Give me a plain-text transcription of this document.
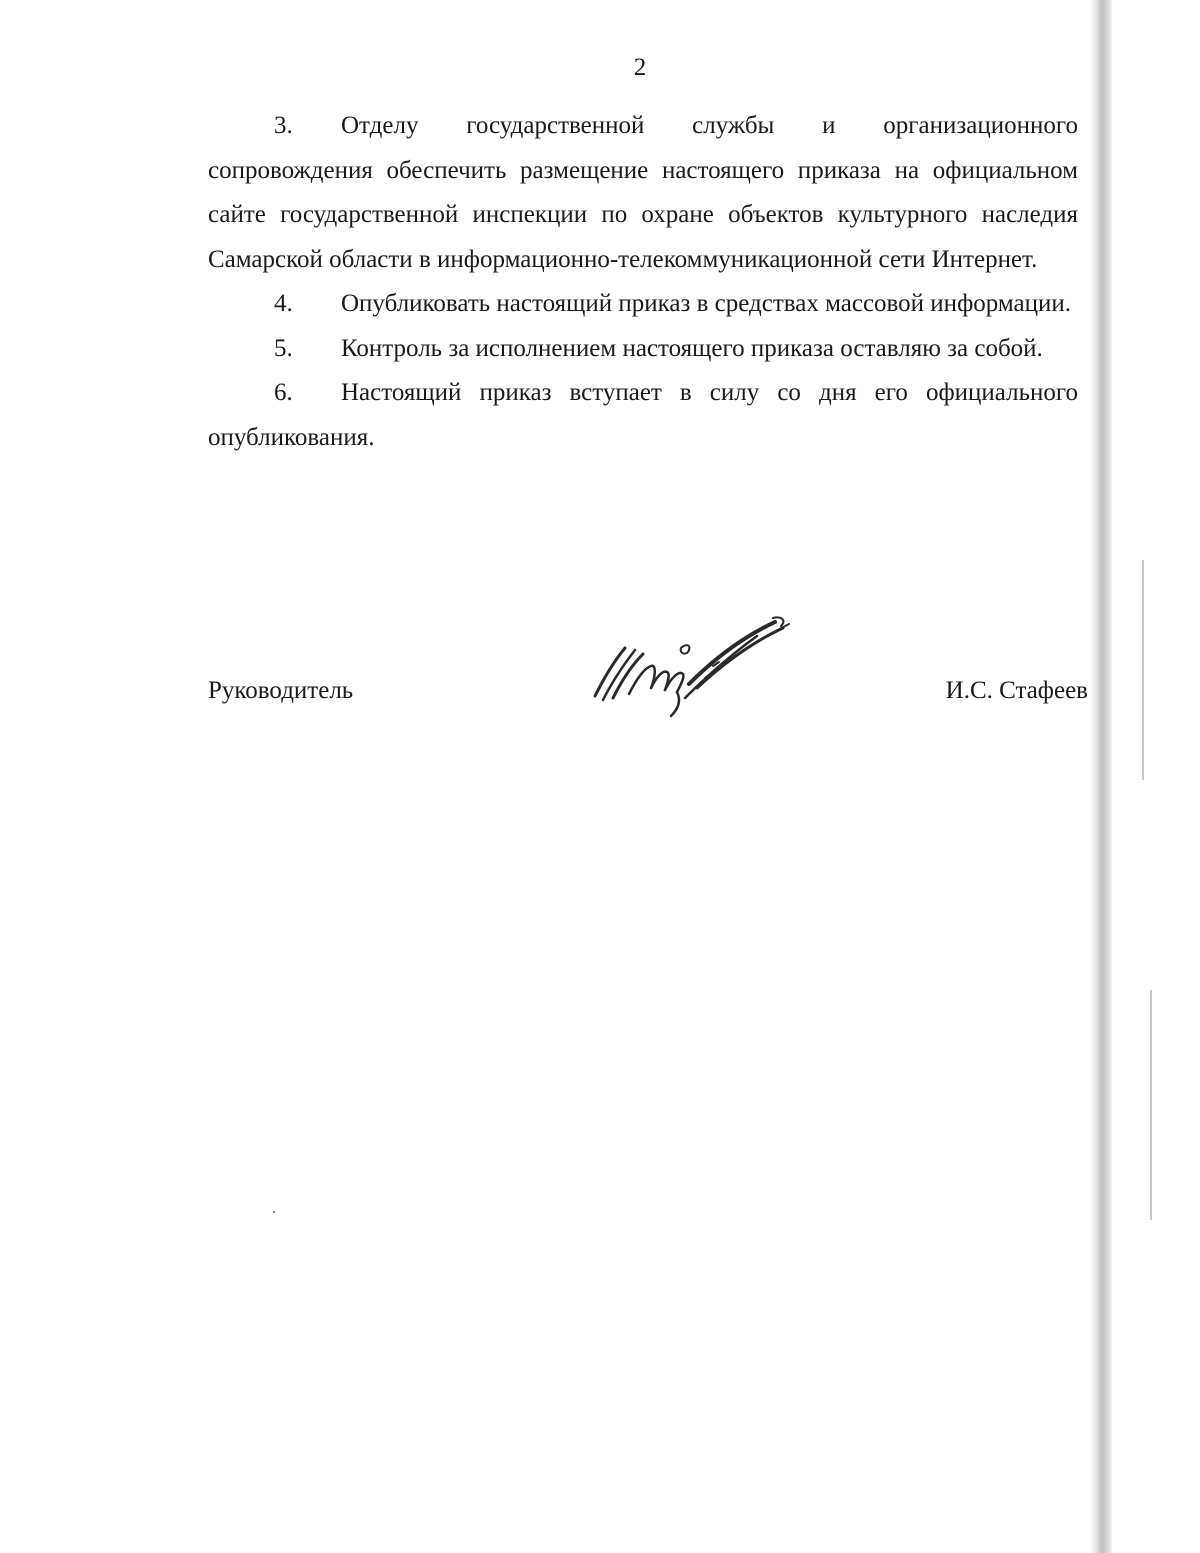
2

3. Отделу государственной службы и организационного сопровождения обеспечить размещение настоящего приказа на официальном сайте государственной инспекции по охране объектов культурного наследия Самарской области в информационно-телекоммуникационной сети Интернет.

4. Опубликовать настоящий приказ в средствах массовой информации.

5. Контроль за исполнением настоящего приказа оставляю за собой.

6. Настоящий приказ вступает в силу со дня его официального опубликования.

Руководитель	И.С. Стафеев
